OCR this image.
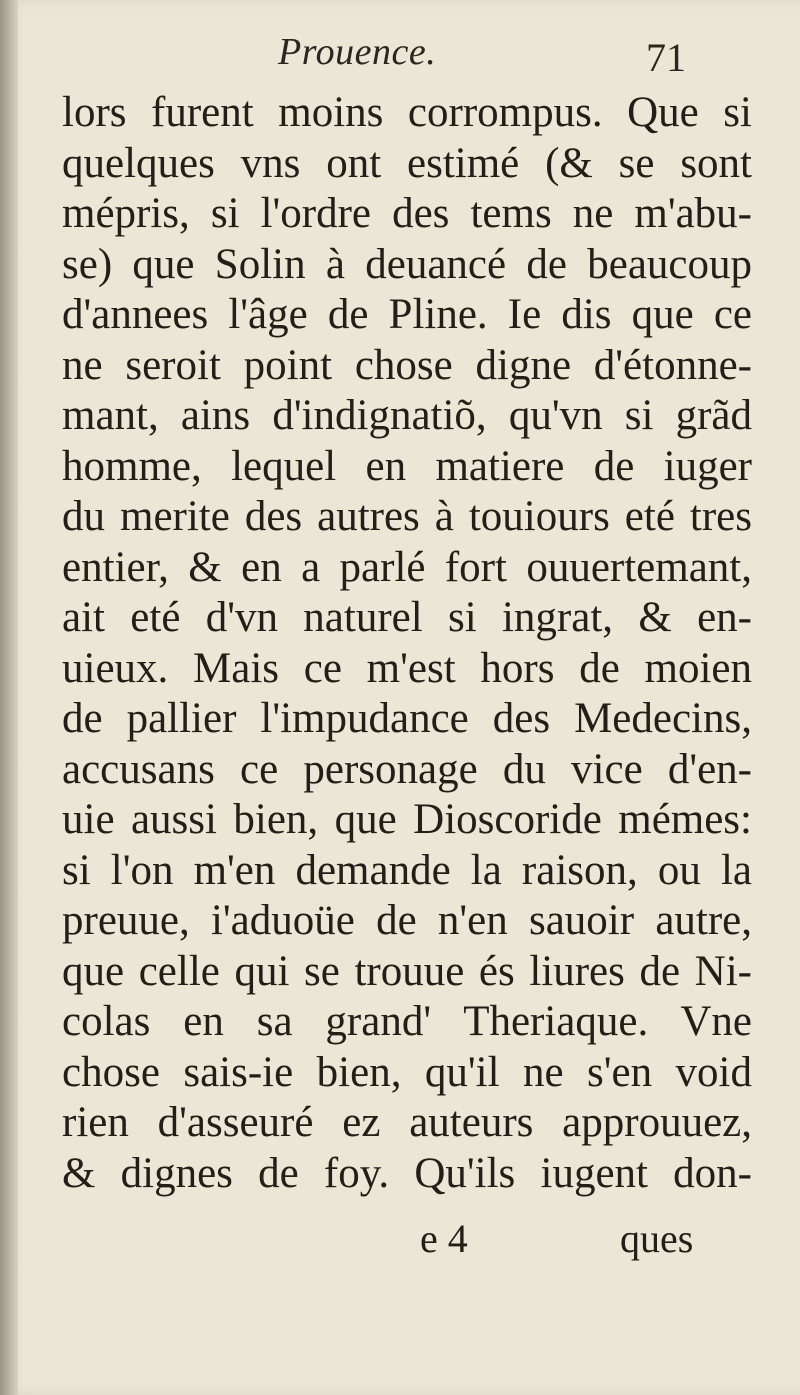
Prouence.	71
lors furent moins corrompus. Que si
quelques vns ont estimé (& se sont
mépris, si l'ordre des tems ne m'abu-
se) que Solin à deuancé de beaucoup
d'annees l'âge de Pline. Ie dis que ce
ne seroit point chose digne d'étonne-
mant, ains d'indignatiõ, qu'vn si grãd
homme, lequel en matiere de iuger
du merite des autres à touiours eté tres
entier, & en a parlé fort ouuertemant,
ait eté d'vn naturel si ingrat, & en-
uieux. Mais ce m'est hors de moien
de pallier l'impudance des Medecins,
accusans ce personage du vice d'en-
uie aussi bien, que Dioscoride mémes:
si l'on m'en demande la raison, ou la
preuue, i'aduoüe de n'en sauoir autre,
que celle qui se trouue és liures de Ni-
colas en sa grand' Theriaque. Vne
chose sais-ie bien, qu'il ne s'en void
rien d'asseuré ez auteurs approuuez,
& dignes de foy. Qu'ils iugent don-
e 4	ques
